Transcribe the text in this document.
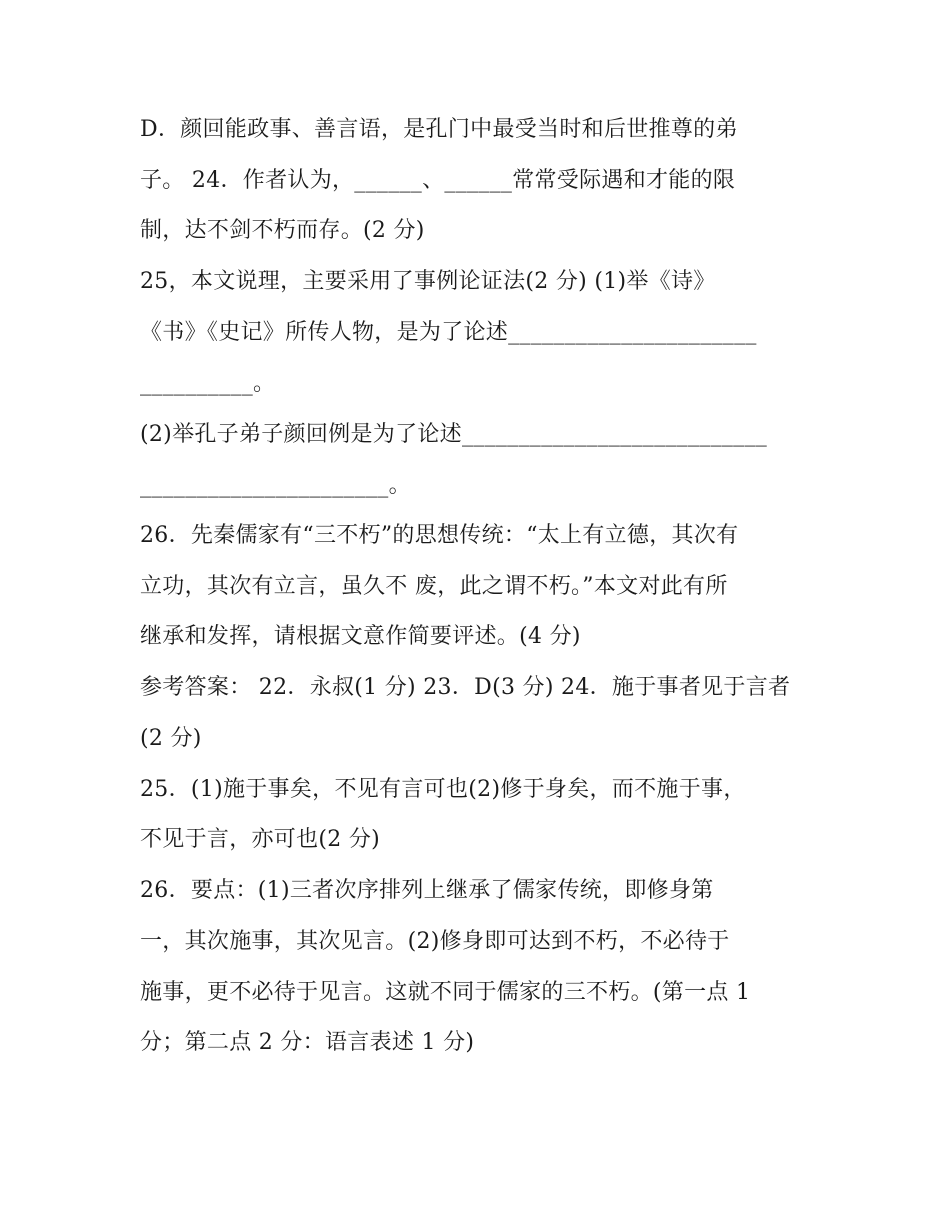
D．颜回能政事、善言语，是孔门中最受当时和后世推尊的弟
子。 24．作者认为，______、______常常受际遇和才能的限
制，达不剑不朽而存。(2 分)
25，本文说理，主要采用了事例论证法(2 分) (1)举《诗》
《书》《史记》所传人物，是为了论述______________________
__________。
(2)举孔子弟子颜回例是为了论述___________________________
______________________。
26．先秦儒家有“三不朽”的思想传统：“太上有立德，其次有
立功，其次有立言，虽久不 废，此之谓不朽。”本文对此有所
继承和发挥，请根据文意作简要评述。(4 分)
参考答案： 22．永叔(1 分) 23．D(3 分) 24．施于事者见于言者
(2 分)
25．(1)施于事矣，不见有言可也(2)修于身矣，而不施于事，
不见于言，亦可也(2 分)
26．要点：(1)三者次序排列上继承了儒家传统，即修身第
一，其次施事，其次见言。(2)修身即可达到不朽，不必待于
施事，更不必待于见言。这就不同于儒家的三不朽。(第一点 1
分；第二点 2 分：语言表述 1 分)
